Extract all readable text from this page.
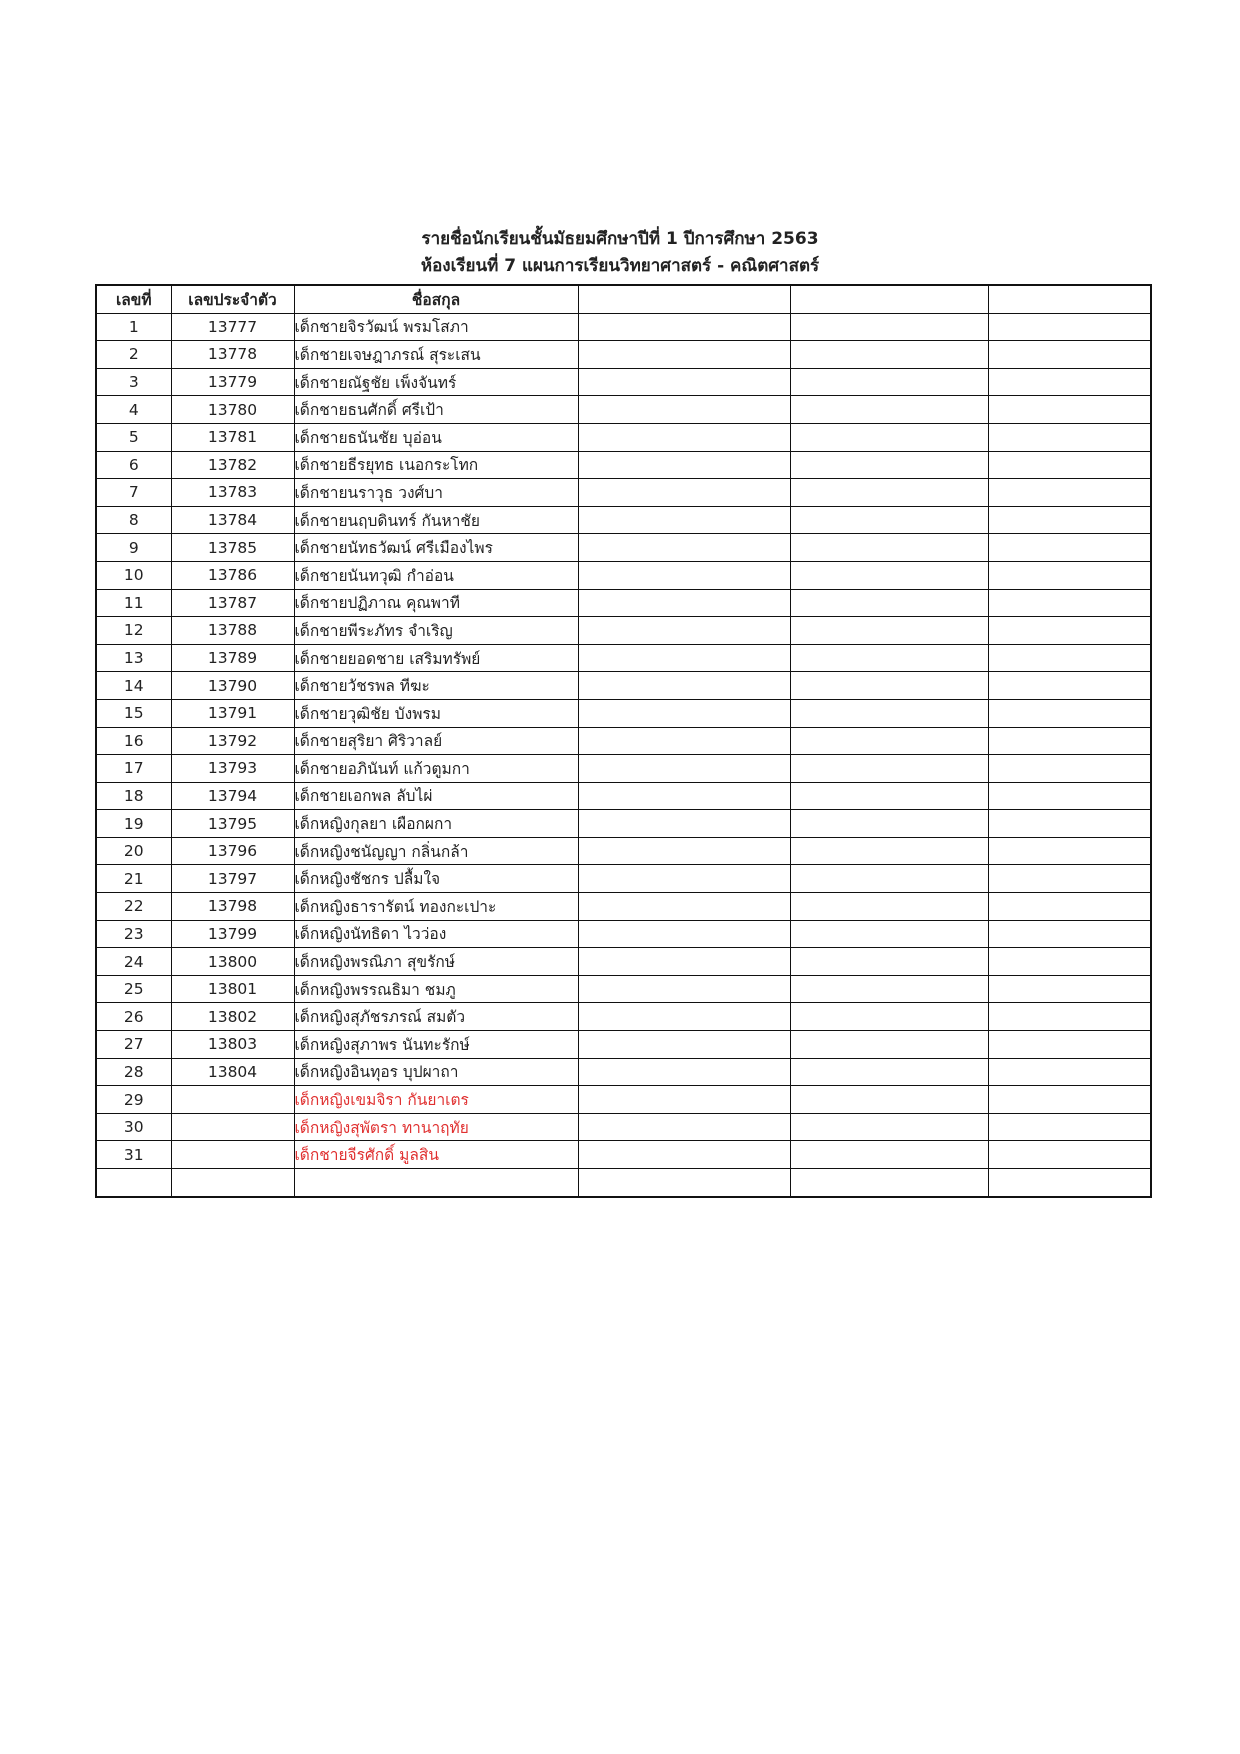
รายชื่อนักเรียนชั้นมัธยมศึกษาปีที่ 1 ปีการศึกษา 2563
ห้องเรียนที่ 7 แผนการเรียนวิทยาศาสตร์ - คณิตศาสตร์
เลขที่	เลขประจำตัว	ชื่อสกุล			
1	13777	เด็กชายจิรวัฒน์ พรมโสภา			
2	13778	เด็กชายเจษฎาภรณ์ สุระเสน			
3	13779	เด็กชายณัฐชัย เพ็งจันทร์			
4	13780	เด็กชายธนศักดิ์ ศรีเป้า			
5	13781	เด็กชายธนันชัย บุอ่อน			
6	13782	เด็กชายธีรยุทธ เนอกระโทก			
7	13783	เด็กชายนราวุธ วงศ์บา			
8	13784	เด็กชายนฤบดินทร์ กันหาชัย			
9	13785	เด็กชายนัทธวัฒน์ ศรีเมืองไพร			
10	13786	เด็กชายนันทวุฒิ กำอ่อน			
11	13787	เด็กชายปฏิภาณ คุณพาที			
12	13788	เด็กชายพีระภัทร จำเริญ			
13	13789	เด็กชายยอดชาย เสริมทรัพย์			
14	13790	เด็กชายวัชรพล ทีฆะ			
15	13791	เด็กชายวุฒิชัย บังพรม			
16	13792	เด็กชายสุริยา ศิริวาลย์			
17	13793	เด็กชายอภินันท์ แก้วตูมกา			
18	13794	เด็กชายเอกพล ลับไผ่			
19	13795	เด็กหญิงกุลยา เผือกผกา			
20	13796	เด็กหญิงชนัญญา กลิ่นกล้า			
21	13797	เด็กหญิงชัชกร ปลื้มใจ			
22	13798	เด็กหญิงธารารัตน์ ทองกะเปาะ			
23	13799	เด็กหญิงนัทธิดา ไวว่อง			
24	13800	เด็กหญิงพรณิภา สุขรักษ์			
25	13801	เด็กหญิงพรรณธิมา ชมภู			
26	13802	เด็กหญิงสุภัชรภรณ์ สมตัว			
27	13803	เด็กหญิงสุภาพร นันทะรักษ์			
28	13804	เด็กหญิงอินทุอร บุปผาถา			
29		เด็กหญิงเขมจิรา กันยาเตร			
30		เด็กหญิงสุพัตรา ทานาฤทัย			
31		เด็กชายจีรศักดิ์ มูลสิน			
